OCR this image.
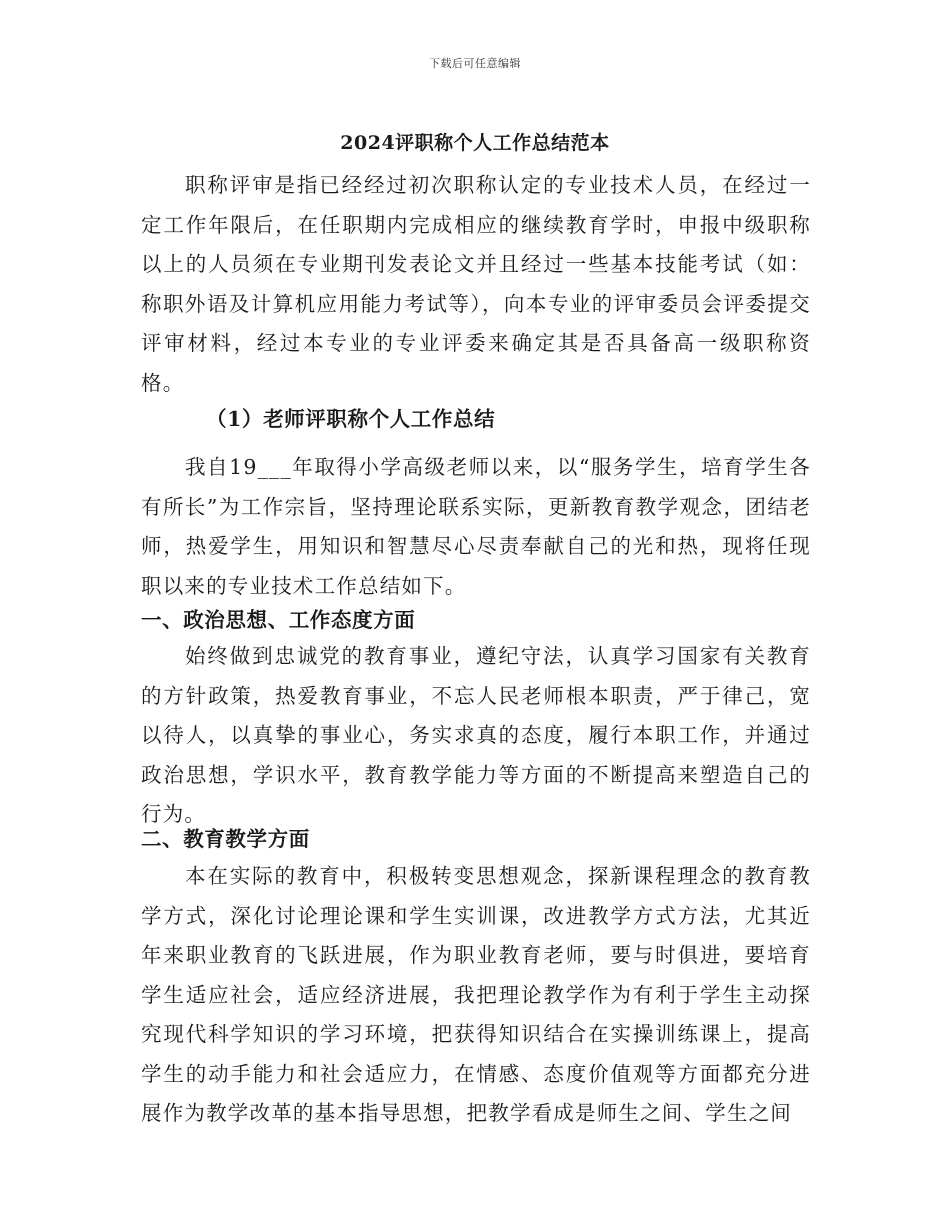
下载后可任意编辑
2024评职称个人工作总结范本
职称评审是指已经经过初次职称认定的专业技术人员，在经过一定工作年限后，在任职期内完成相应的继续教育学时，申报中级职称以上的人员须在专业期刊发表论文并且经过一些基本技能考试（如：称职外语及计算机应用能力考试等），向本专业的评审委员会评委提交评审材料，经过本专业的专业评委来确定其是否具备高一级职称资格。
（1）老师评职称个人工作总结
我自19___年取得小学高级老师以来，以“服务学生，培育学生各有所长”为工作宗旨，坚持理论联系实际，更新教育教学观念，团结老师，热爱学生，用知识和智慧尽心尽责奉献自己的光和热，现将任现职以来的专业技术工作总结如下。
一、政治思想、工作态度方面
始终做到忠诚党的教育事业，遵纪守法，认真学习国家有关教育的方针政策，热爱教育事业，不忘人民老师根本职责，严于律己，宽以待人，以真挚的事业心，务实求真的态度，履行本职工作，并通过政治思想，学识水平，教育教学能力等方面的不断提高来塑造自己的行为。
二、教育教学方面
本在实际的教育中，积极转变思想观念，探新课程理念的教育教学方式，深化讨论理论课和学生实训课，改进教学方式方法，尤其近年来职业教育的飞跃进展，作为职业教育老师，要与时俱进，要培育学生适应社会，适应经济进展，我把理论教学作为有利于学生主动探究现代科学知识的学习环境，把获得知识结合在实操训练课上，提高学生的动手能力和社会适应力，在情感、态度价值观等方面都充分进展作为教学改革的基本指导思想，把教学看成是师生之间、学生之间
